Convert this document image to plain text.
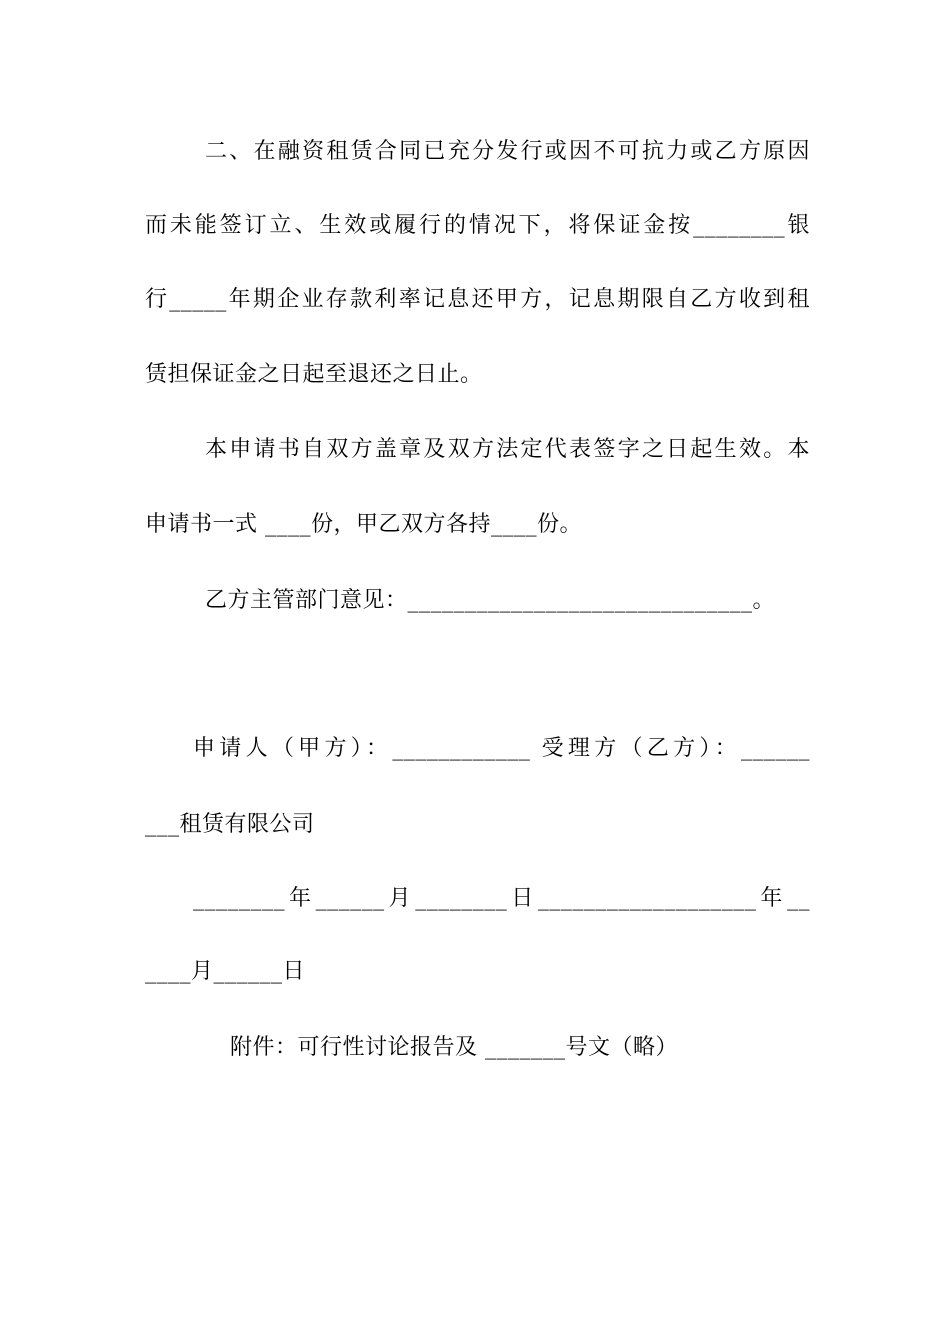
二、在融资租赁合同已充分发行或因不可抗力或乙方原因
而未能签订立、生效或履行的情况下，将保证金按________银
行_____年期企业存款利率记息还甲方，记息期限自乙方收到租
赁担保证金之日起至退还之日止。
本申请书自双方盖章及双方法定代表签字之日起生效。本
申请书一式 ____份，甲乙双方各持____份。
乙方主管部门意见：______________________________。
申请人（甲方）：____________ 受理方（乙方）：______
___租赁有限公司
________年______月________日___________________年__
____月______日
附件：可行性讨论报告及 _______号文（略）
